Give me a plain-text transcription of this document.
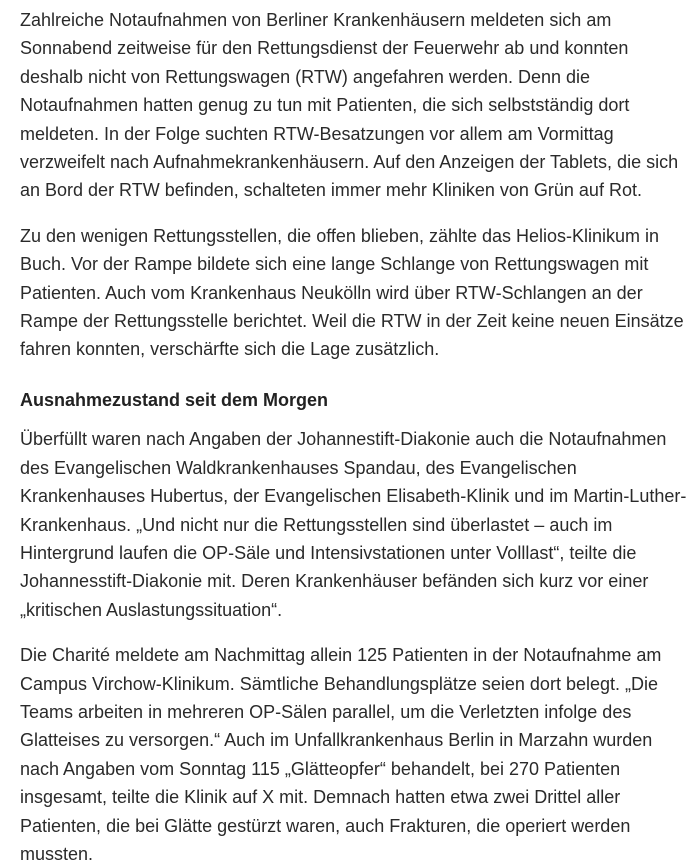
Zahlreiche Notaufnahmen von Berliner Krankenhäusern meldeten sich am Sonnabend zeitweise für den Rettungsdienst der Feuerwehr ab und konnten deshalb nicht von Rettungswagen (RTW) angefahren werden. Denn die Notaufnahmen hatten genug zu tun mit Patienten, die sich selbstständig dort meldeten. In der Folge suchten RTW-Besatzungen vor allem am Vormittag verzweifelt nach Aufnahmekrankenhäusern. Auf den Anzeigen der Tablets, die sich an Bord der RTW befinden, schalteten immer mehr Kliniken von Grün auf Rot.

Zu den wenigen Rettungsstellen, die offen blieben, zählte das Helios-Klinikum in Buch. Vor der Rampe bildete sich eine lange Schlange von Rettungswagen mit Patienten. Auch vom Krankenhaus Neukölln wird über RTW-Schlangen an der Rampe der Rettungsstelle berichtet. Weil die RTW in der Zeit keine neuen Einsätze fahren konnten, verschärfte sich die Lage zusätzlich.

Ausnahmezustand seit dem Morgen

Überfüllt waren nach Angaben der Johannestift-Diakonie auch die Notaufnahmen des Evangelischen Waldkrankenhauses Spandau, des Evangelischen Krankenhauses Hubertus, der Evangelischen Elisabeth-Klinik und im Martin-Luther-Krankenhaus. „Und nicht nur die Rettungsstellen sind überlastet – auch im Hintergrund laufen die OP-Säle und Intensivstationen unter Volllast“, teilte die Johannesstift-Diakonie mit. Deren Krankenhäuser befänden sich kurz vor einer „kritischen Auslastungssituation“.

Die Charité meldete am Nachmittag allein 125 Patienten in der Notaufnahme am Campus Virchow-Klinikum. Sämtliche Behandlungsplätze seien dort belegt. „Die Teams arbeiten in mehreren OP-Sälen parallel, um die Verletzten infolge des Glatteises zu versorgen.“ Auch im Unfallkrankenhaus Berlin in Marzahn wurden nach Angaben vom Sonntag 115 „Glätteopfer“ behandelt, bei 270 Patienten insgesamt, teilte die Klinik auf X mit. Demnach hatten etwa zwei Drittel aller Patienten, die bei Glätte gestürzt waren, auch Frakturen, die operiert werden mussten.
